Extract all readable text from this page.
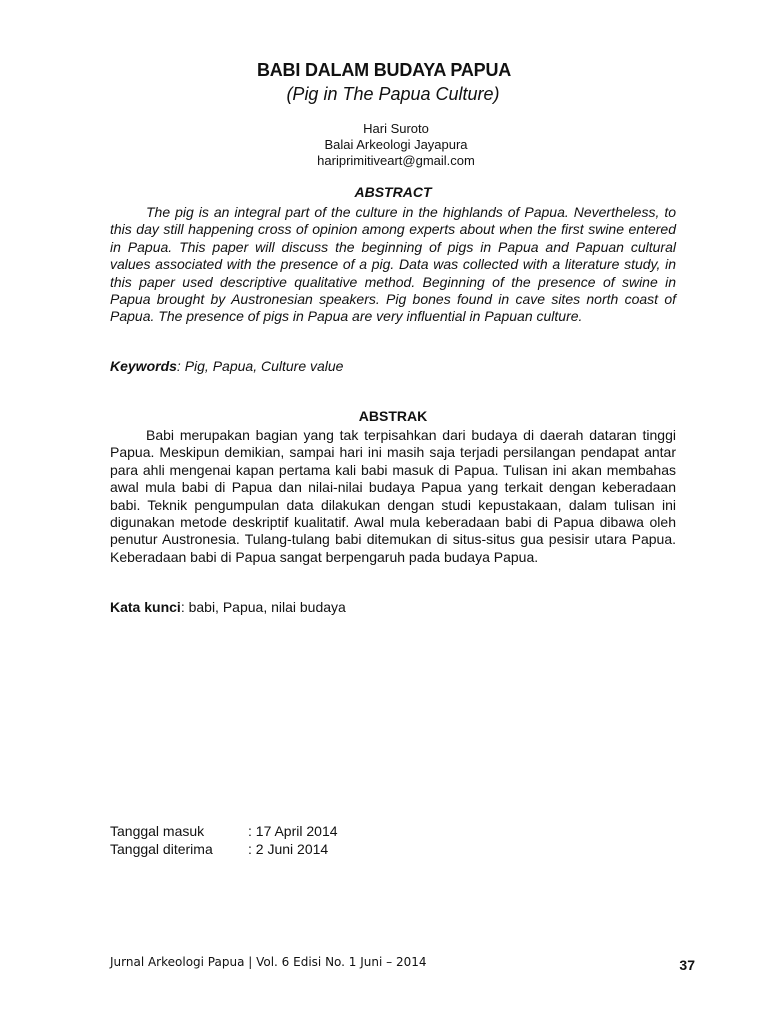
BABI DALAM BUDAYA PAPUA
(Pig in The Papua Culture)
Hari Suroto
Balai Arkeologi Jayapura
hariprimitiveart@gmail.com
ABSTRACT

The pig is an integral part of the culture in the highlands of Papua. Nevertheless, to this day still happening cross of opinion among experts about when the first swine entered in Papua. This paper will discuss the beginning of pigs in Papua and Papuan cultural values associated with the presence of a pig. Data was collected with a literature study, in this paper used descriptive qualitative method. Beginning of the presence of swine in Papua brought by Austronesian speakers. Pig bones found in cave sites north coast of Papua. The presence of pigs in Papua are very influential in Papuan culture.

Keywords: Pig, Papua, Culture value
ABSTRAK

Babi merupakan bagian yang tak terpisahkan dari budaya di daerah dataran tinggi Papua. Meskipun demikian, sampai hari ini masih saja terjadi persilangan pendapat antar para ahli mengenai kapan pertama kali babi masuk di Papua. Tulisan ini akan membahas awal mula babi di Papua dan nilai-nilai budaya Papua yang terkait dengan keberadaan babi. Teknik pengumpulan data dilakukan dengan studi kepustakaan, dalam tulisan ini digunakan metode deskriptif kualitatif. Awal mula keberadaan babi di Papua dibawa oleh penutur Austronesia. Tulang-tulang babi ditemukan di situs-situs gua pesisir utara Papua. Keberadaan babi di Papua sangat berpengaruh pada budaya Papua.

Kata kunci: babi, Papua, nilai budaya
Tanggal masuk	: 17 April 2014
Tanggal diterima	: 2 Juni 2014
Jurnal Arkeologi Papua | Vol. 6 Edisi No. 1 Juni – 2014	37
